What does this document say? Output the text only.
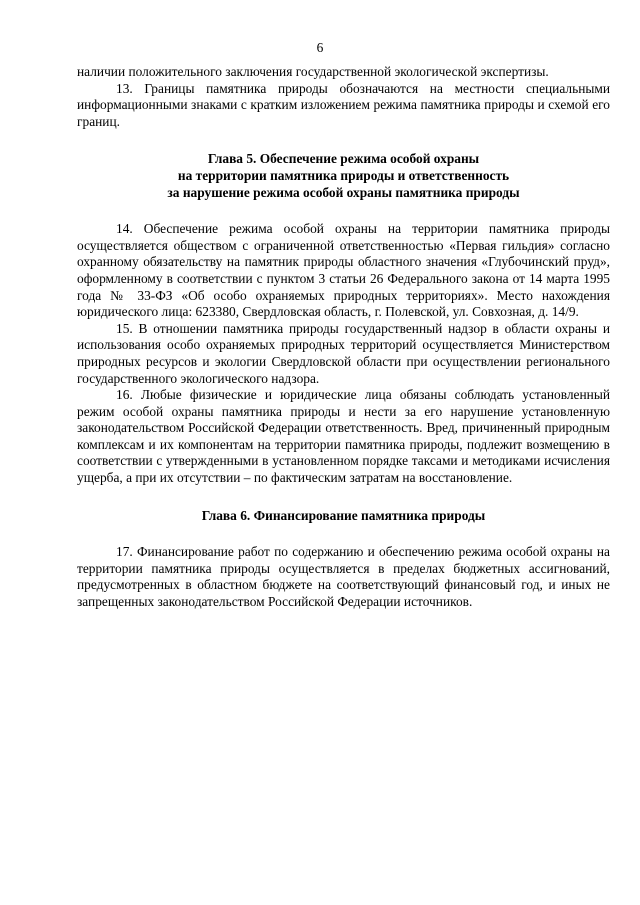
6

наличии положительного заключения государственной экологической экспертизы.

13. Границы памятника природы обозначаются на местности специальными информационными знаками с кратким изложением режима памятника природы и схемой его границ.

Глава 5. Обеспечение режима особой охраны
на территории памятника природы и ответственность
за нарушение режима особой охраны памятника природы

14. Обеспечение режима особой охраны на территории памятника природы осуществляется обществом с ограниченной ответственностью «Первая гильдия» согласно охранному обязательству на памятник природы областного значения «Глубочинский пруд», оформленному в соответствии с пунктом 3 статьи 26 Федерального закона от 14 марта 1995 года № 33-ФЗ «Об особо охраняемых природных территориях». Место нахождения юридического лица: 623380, Свердловская область, г. Полевской, ул. Совхозная, д. 14/9.

15. В отношении памятника природы государственный надзор в области охраны и использования особо охраняемых природных территорий осуществляется Министерством природных ресурсов и экологии Свердловской области при осуществлении регионального государственного экологического надзора.

16. Любые физические и юридические лица обязаны соблюдать установленный режим особой охраны памятника природы и нести за его нарушение установленную законодательством Российской Федерации ответственность. Вред, причиненный природным комплексам и их компонентам на территории памятника природы, подлежит возмещению в соответствии с утвержденными в установленном порядке таксами и методиками исчисления ущерба, а при их отсутствии – по фактическим затратам на восстановление.

Глава 6. Финансирование памятника природы

17. Финансирование работ по содержанию и обеспечению режима особой охраны на территории памятника природы осуществляется в пределах бюджетных ассигнований, предусмотренных в областном бюджете на соответствующий финансовый год, и иных не запрещенных законодательством Российской Федерации источников.
